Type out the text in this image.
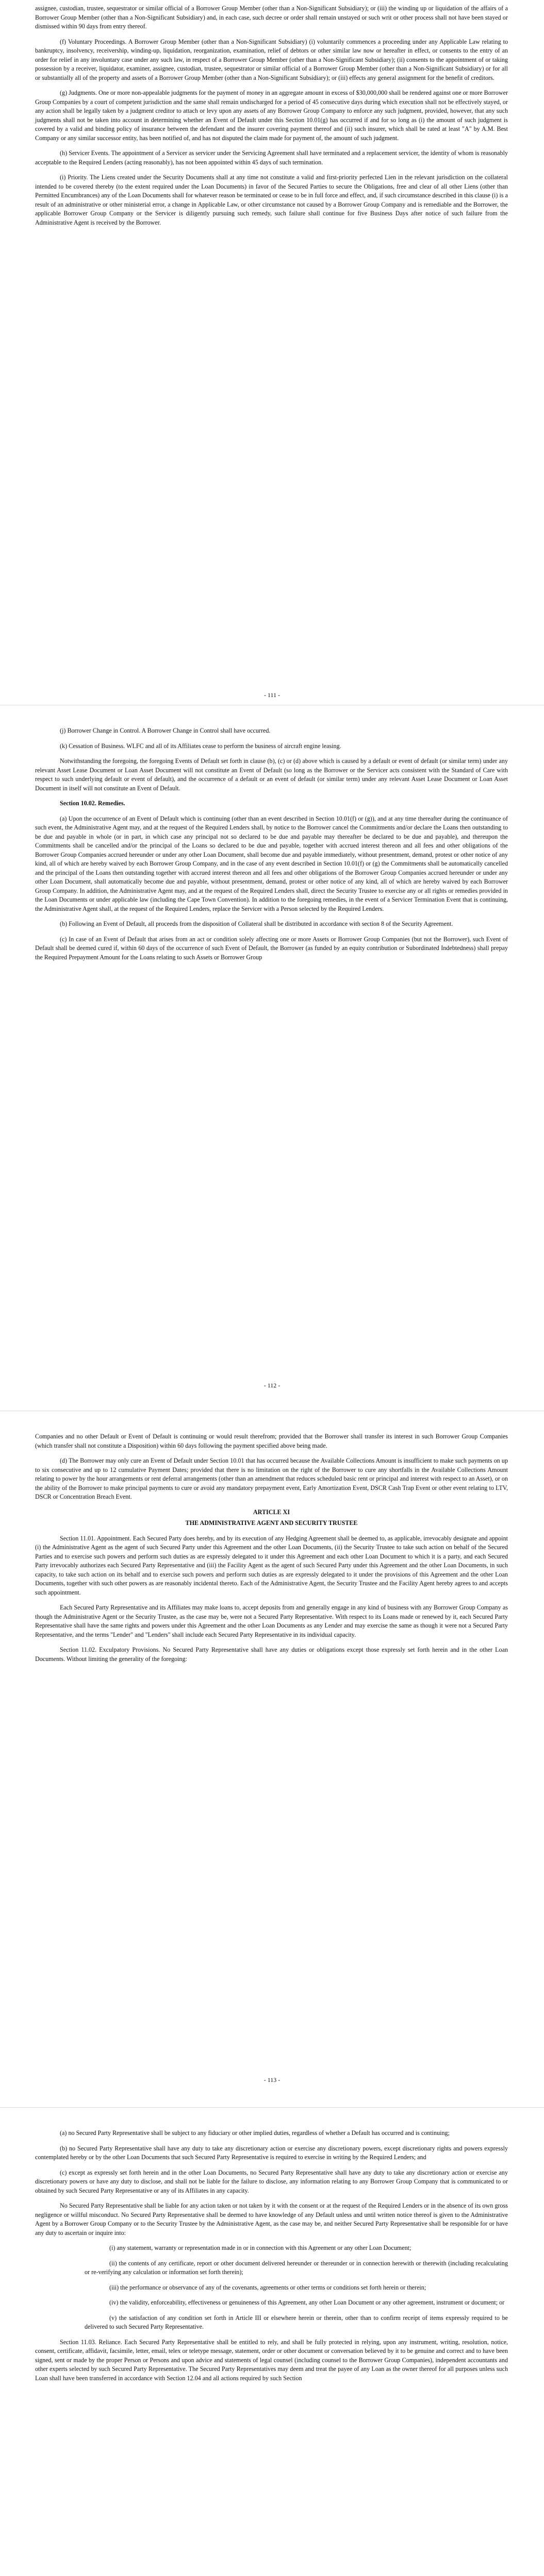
assignee, custodian, trustee, sequestrator or similar official of a Borrower Group Member (other than a Non-Significant Subsidiary); or (iii) the winding up or liquidation of the affairs of a Borrower Group Member (other than a Non-Significant Subsidiary) and, in each case, such decree or order shall remain unstayed or such writ or other process shall not have been stayed or dismissed within 90 days from entry thereof.

(f) Voluntary Proceedings. A Borrower Group Member (other than a Non-Significant Subsidiary) (i) voluntarily commences a proceeding under any Applicable Law relating to bankruptcy, insolvency, receivership, winding-up, liquidation, reorganization, examination, relief of debtors or other similar law now or hereafter in effect, or consents to the entry of an order for relief in any involuntary case under any such law, in respect of a Borrower Group Member (other than a Non-Significant Subsidiary); (ii) consents to the appointment of or taking possession by a receiver, liquidator, examiner, assignee, custodian, trustee, sequestrator or similar official of a Borrower Group Member (other than a Non-Significant Subsidiary) or for all or substantially all of the property and assets of a Borrower Group Member (other than a Non-Significant Subsidiary); or (iii) effects any general assignment for the benefit of creditors.

(g) Judgments. One or more non-appealable judgments for the payment of money in an aggregate amount in excess of $30,000,000 shall be rendered against one or more Borrower Group Companies by a court of competent jurisdiction and the same shall remain undischarged for a period of 45 consecutive days during which execution shall not be effectively stayed, or any action shall be legally taken by a judgment creditor to attach or levy upon any assets of any Borrower Group Company to enforce any such judgment, provided, however, that any such judgments shall not be taken into account in determining whether an Event of Default under this Section 10.01(g) has occurred if and for so long as (i) the amount of such judgment is covered by a valid and binding policy of insurance between the defendant and the insurer covering payment thereof and (ii) such insurer, which shall be rated at least "A" by A.M. Best Company or any similar successor entity, has been notified of, and has not disputed the claim made for payment of, the amount of such judgment.

(h) Servicer Events. The appointment of a Servicer as servicer under the Servicing Agreement shall have terminated and a replacement servicer, the identity of whom is reasonably acceptable to the Required Lenders (acting reasonably), has not been appointed within 45 days of such termination.

(i) Priority. The Liens created under the Security Documents shall at any time not constitute a valid and first-priority perfected Lien in the relevant jurisdiction on the collateral intended to be covered thereby (to the extent required under the Loan Documents) in favor of the Secured Parties to secure the Obligations, free and clear of all other Liens (other than Permitted Encumbrances) any of the Loan Documents shall for whatever reason be terminated or cease to be in full force and effect, and, if such circumstance described in this clause (i) is a result of an administrative or other ministerial error, a change in Applicable Law, or other circumstance not caused by a Borrower Group Company and is remediable and the Borrower, the applicable Borrower Group Company or the Servicer is diligently pursuing such remedy, such failure shall continue for five Business Days after notice of such failure from the Administrative Agent is received by the Borrower.

- 111 -

(j) Borrower Change in Control. A Borrower Change in Control shall have occurred.

(k) Cessation of Business. WLFC and all of its Affiliates cease to perform the business of aircraft engine leasing.

Notwithstanding the foregoing, the foregoing Events of Default set forth in clause (b), (c) or (d) above which is caused by a default or event of default (or similar term) under any relevant Asset Lease Document or Loan Asset Document will not constitute an Event of Default (so long as the Borrower or the Servicer acts consistent with the Standard of Care with respect to such underlying default or event of default), and the occurrence of a default or an event of default (or similar term) under any relevant Asset Lease Document or Loan Asset Document in itself will not constitute an Event of Default.

Section 10.02. Remedies.

(a) Upon the occurrence of an Event of Default which is continuing (other than an event described in Section 10.01(f) or (g)), and at any time thereafter during the continuance of such event, the Administrative Agent may, and at the request of the Required Lenders shall, by notice to the Borrower cancel the Commitments and/or declare the Loans then outstanding to be due and payable in whole (or in part, in which case any principal not so declared to be due and payable may thereafter be declared to be due and payable), and thereupon the Commitments shall be cancelled and/or the principal of the Loans so declared to be due and payable, together with accrued interest thereon and all fees and other obligations of the Borrower Group Companies accrued hereunder or under any other Loan Document, shall become due and payable immediately, without presentment, demand, protest or other notice of any kind, all of which are hereby waived by each Borrower Group Company, and in the case of any event described in Section 10.01(f) or (g) the Commitments shall be automatically cancelled and the principal of the Loans then outstanding together with accrued interest thereon and all fees and other obligations of the Borrower Group Companies accrued hereunder or under any other Loan Document, shall automatically become due and payable, without presentment, demand, protest or other notice of any kind, all of which are hereby waived by each Borrower Group Company. In addition, the Administrative Agent may, and at the request of the Required Lenders shall, direct the Security Trustee to exercise any or all rights or remedies provided in the Loan Documents or under applicable law (including the Cape Town Convention). In addition to the foregoing remedies, in the event of a Servicer Termination Event that is continuing, the Administrative Agent shall, at the request of the Required Lenders, replace the Servicer with a Person selected by the Required Lenders.

(b) Following an Event of Default, all proceeds from the disposition of Collateral shall be distributed in accordance with section 8 of the Security Agreement.

(c) In case of an Event of Default that arises from an act or condition solely affecting one or more Assets or Borrower Group Companies (but not the Borrower), such Event of Default shall be deemed cured if, within 60 days of the occurrence of such Event of Default, the Borrower (as funded by an equity contribution or Subordinated Indebtedness) shall prepay the Required Prepayment Amount for the Loans relating to such Assets or Borrower Group

- 112 -

Companies and no other Default or Event of Default is continuing or would result therefrom; provided that the Borrower shall transfer its interest in such Borrower Group Companies (which transfer shall not constitute a Disposition) within 60 days following the payment specified above being made.

(d) The Borrower may only cure an Event of Default under Section 10.01 that has occurred because the Available Collections Amount is insufficient to make such payments on up to six consecutive and up to 12 cumulative Payment Dates; provided that there is no limitation on the right of the Borrower to cure any shortfalls in the Available Collections Amount relating to power by the hour arrangements or rent deferral arrangements (other than an amendment that reduces scheduled basic rent or principal and interest with respect to an Asset), or on the ability of the Borrower to make principal payments to cure or avoid any mandatory prepayment event, Early Amortization Event, DSCR Cash Trap Event or other event relating to LTV, DSCR or Concentration Breach Event.

ARTICLE XI

THE ADMINISTRATIVE AGENT AND SECURITY TRUSTEE

Section 11.01. Appointment. Each Secured Party does hereby, and by its execution of any Hedging Agreement shall be deemed to, as applicable, irrevocably designate and appoint (i) the Administrative Agent as the agent of such Secured Party under this Agreement and the other Loan Documents, (ii) the Security Trustee to take such action on behalf of the Secured Parties and to exercise such powers and perform such duties as are expressly delegated to it under this Agreement and each other Loan Document to which it is a party, and each Secured Party irrevocably authorizes each Secured Party Representative and (iii) the Facility Agent as the agent of such Secured Party under this Agreement and the other Loan Documents, in such capacity, to take such action on its behalf and to exercise such powers and perform such duties as are expressly delegated to it under the provisions of this Agreement and the other Loan Documents, together with such other powers as are reasonably incidental thereto. Each of the Administrative Agent, the Security Trustee and the Facility Agent hereby agrees to and accepts such appointment.

Each Secured Party Representative and its Affiliates may make loans to, accept deposits from and generally engage in any kind of business with any Borrower Group Company as though the Administrative Agent or the Security Trustee, as the case may be, were not a Secured Party Representative. With respect to its Loans made or renewed by it, each Secured Party Representative shall have the same rights and powers under this Agreement and the other Loan Documents as any Lender and may exercise the same as though it were not a Secured Party Representative, and the terms "Lender" and "Lenders" shall include each Secured Party Representative in its individual capacity.

Section 11.02. Exculpatory Provisions. No Secured Party Representative shall have any duties or obligations except those expressly set forth herein and in the other Loan Documents. Without limiting the generality of the foregoing:

- 113 -

(a) no Secured Party Representative shall be subject to any fiduciary or other implied duties, regardless of whether a Default has occurred and is continuing;

(b) no Secured Party Representative shall have any duty to take any discretionary action or exercise any discretionary powers, except discretionary rights and powers expressly contemplated hereby or by the other Loan Documents that such Secured Party Representative is required to exercise in writing by the Required Lenders; and

(c) except as expressly set forth herein and in the other Loan Documents, no Secured Party Representative shall have any duty to take any discretionary action or exercise any discretionary powers or have any duty to disclose, and shall not be liable for the failure to disclose, any information relating to any Borrower Group Company that is communicated to or obtained by such Secured Party Representative or any of its Affiliates in any capacity.

No Secured Party Representative shall be liable for any action taken or not taken by it with the consent or at the request of the Required Lenders or in the absence of its own gross negligence or willful misconduct. No Secured Party Representative shall be deemed to have knowledge of any Default unless and until written notice thereof is given to the Administrative Agent by a Borrower Group Company or to the Security Trustee by the Administrative Agent, as the case may be, and neither Secured Party Representative shall be responsible for or have any duty to ascertain or inquire into:

(i) any statement, warranty or representation made in or in connection with this Agreement or any other Loan Document;

(ii) the contents of any certificate, report or other document delivered hereunder or thereunder or in connection herewith or therewith (including recalculating or re-verifying any calculation or information set forth therein);

(iii) the performance or observance of any of the covenants, agreements or other terms or conditions set forth herein or therein;

(iv) the validity, enforceability, effectiveness or genuineness of this Agreement, any other Loan Document or any other agreement, instrument or document; or

(v) the satisfaction of any condition set forth in Article III or elsewhere herein or therein, other than to confirm receipt of items expressly required to be delivered to such Secured Party Representative.

Section 11.03. Reliance. Each Secured Party Representative shall be entitled to rely, and shall be fully protected in relying, upon any instrument, writing, resolution, notice, consent, certificate, affidavit, facsimile, letter, email, telex or teletype message, statement, order or other document or conversation believed by it to be genuine and correct and to have been signed, sent or made by the proper Person or Persons and upon advice and statements of legal counsel (including counsel to the Borrower Group Companies), independent accountants and other experts selected by such Secured Party Representative. The Secured Party Representatives may deem and treat the payee of any Loan as the owner thereof for all purposes unless such Loan shall have been transferred in accordance with Section 12.04 and all actions required by such Section
